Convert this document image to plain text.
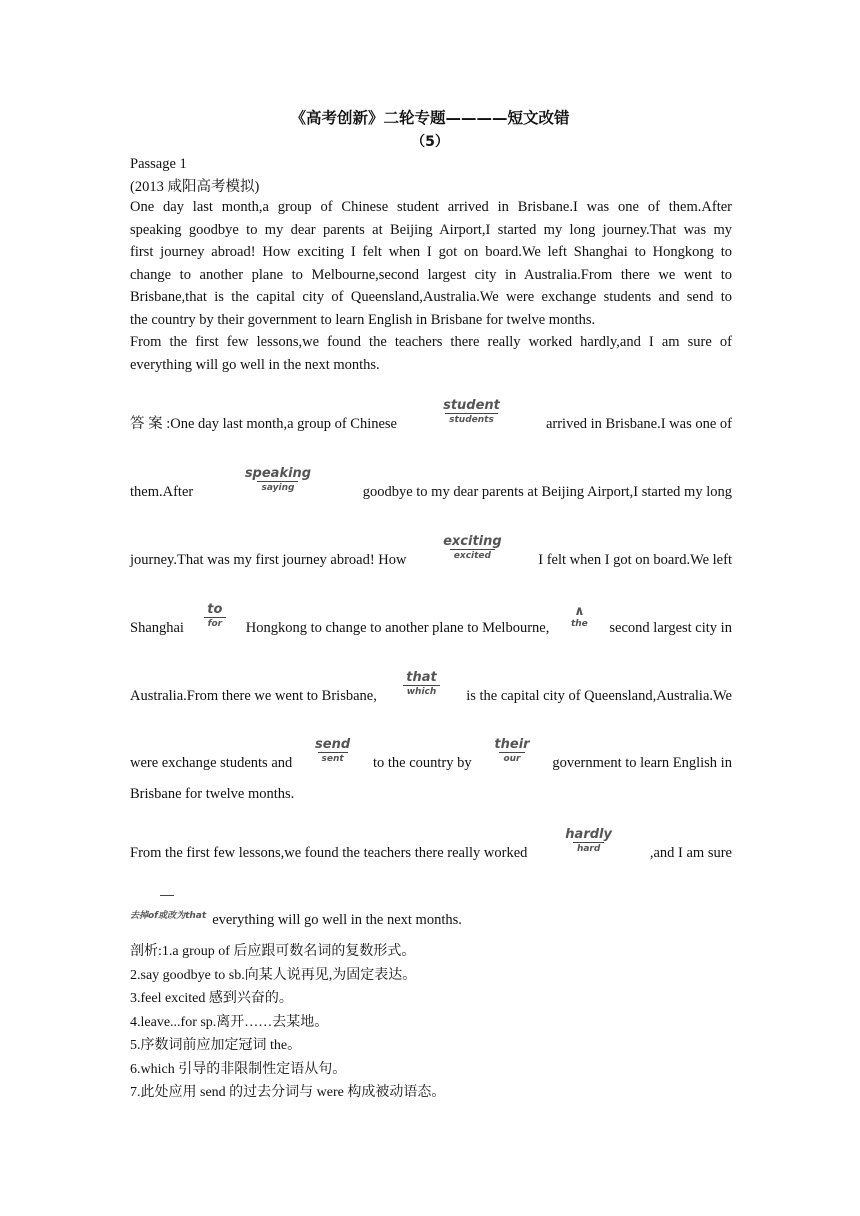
《高考创新》二轮专题————短文改错
（5）
Passage 1
(2013 咸阳高考模拟)
One day last month,a group of Chinese student arrived in Brisbane.I was one of them.After
speaking goodbye to my dear parents at Beijing Airport,I started my long journey.That was my
first journey abroad! How exciting I felt when I got on board.We left Shanghai to Hongkong to
change to another plane to Melbourne,second largest city in Australia.From there we went to
Brisbane,that is the capital city of Queensland,Australia.We were exchange students and send to
the country by their government to learn English in Brisbane for twelve months.
From the first few lessons,we found the teachers there really worked hardly,and I am sure of
everything will go well in the next months.
答 案 :One day last month,a group of Chinese
student
students	arrived in Brisbane.I was one of
them.After
speaking
saying	goodbye to my dear parents at Beijing Airport,I started my long
journey.That was my first journey abroad! How
exciting
excited	I felt when I got on board.We left
Shanghai
to
for Hongkong to change to another plane to Melbourne,
∧
the second largest city in
Australia.From there we went to Brisbane,
that
which is the capital city of Queensland,Australia.We
were exchange students and
send
sent to the country by
their
our government to learn English in
Brisbane for twelve months.
From the first few lessons,we found the teachers there really worked
hardly
hard	,and I am sure
去掉of或改为that everything will go well in the next months.
剖析:1.a group of 后应跟可数名词的复数形式。
2.say goodbye to sb.向某人说再见,为固定表达。
3.feel excited 感到兴奋的。
4.leave...for sp.离开……去某地。
5.序数词前应加定冠词 the。
6.which 引导的非限制性定语从句。
7.此处应用 send 的过去分词与 were 构成被动语态。
